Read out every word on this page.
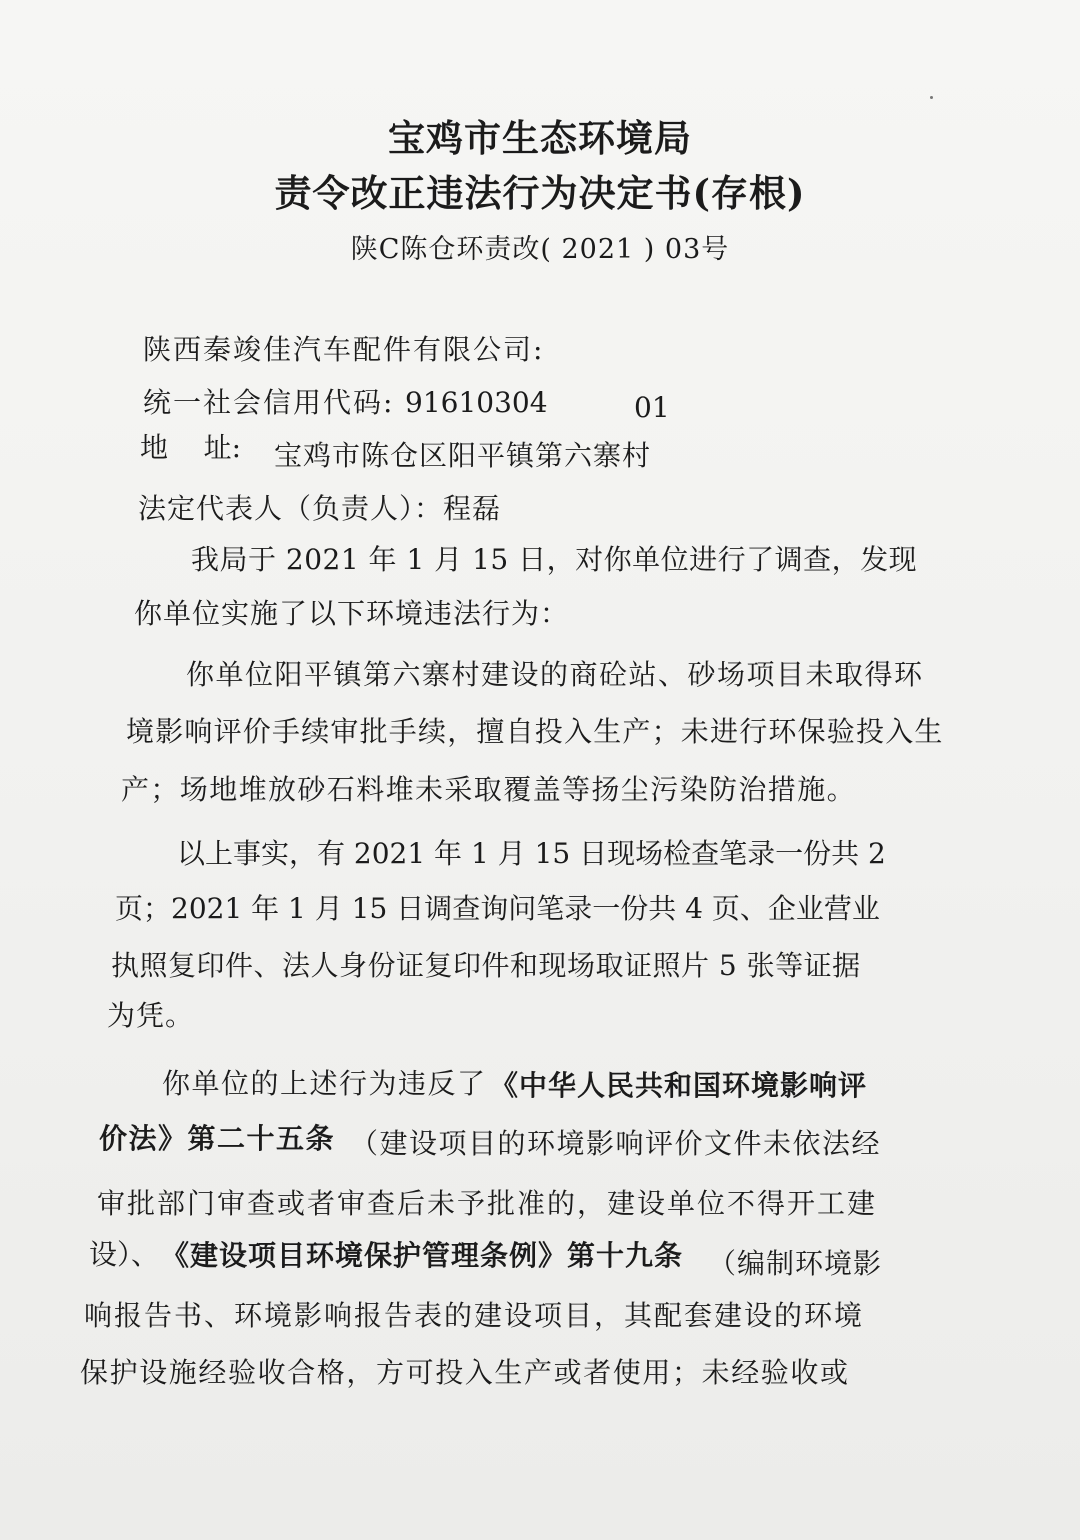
宝鸡市生态环境局
责令改正违法行为决定书(存根)
陕C陈仓环责改( 2021 ) 03号
陕西秦竣佳汽车配件有限公司:
统一社会信用代码: 91610304	01
地    址: 宝鸡市陈仓区阳平镇第六寨村
法定代表人（负责人）：程磊
我局于 2021 年 1 月 15 日，对你单位进行了调查，发现
你单位实施了以下环境违法行为：
你单位阳平镇第六寨村建设的商砼站、砂场项目未取得环
境影响评价手续审批手续，擅自投入生产；未进行环保验投入生
产；场地堆放砂石料堆未采取覆盖等扬尘污染防治措施。
以上事实，有 2021 年 1 月 15 日现场检查笔录一份共 2
页；2021 年 1 月 15 日调查询问笔录一份共 4 页、企业营业
执照复印件、法人身份证复印件和现场取证照片 5 张等证据
为凭。
你单位的上述行为违反了 《中华人民共和国环境影响评
价法》第二十五条 （建设项目的环境影响评价文件未依法经
审批部门审查或者审查后未予批准的，建设单位不得开工建
设）、 《建设项目环境保护管理条例》第十九条 （编制环境影
响报告书、环境影响报告表的建设项目，其配套建设的环境
保护设施经验收合格，方可投入生产或者使用；未经验收或
